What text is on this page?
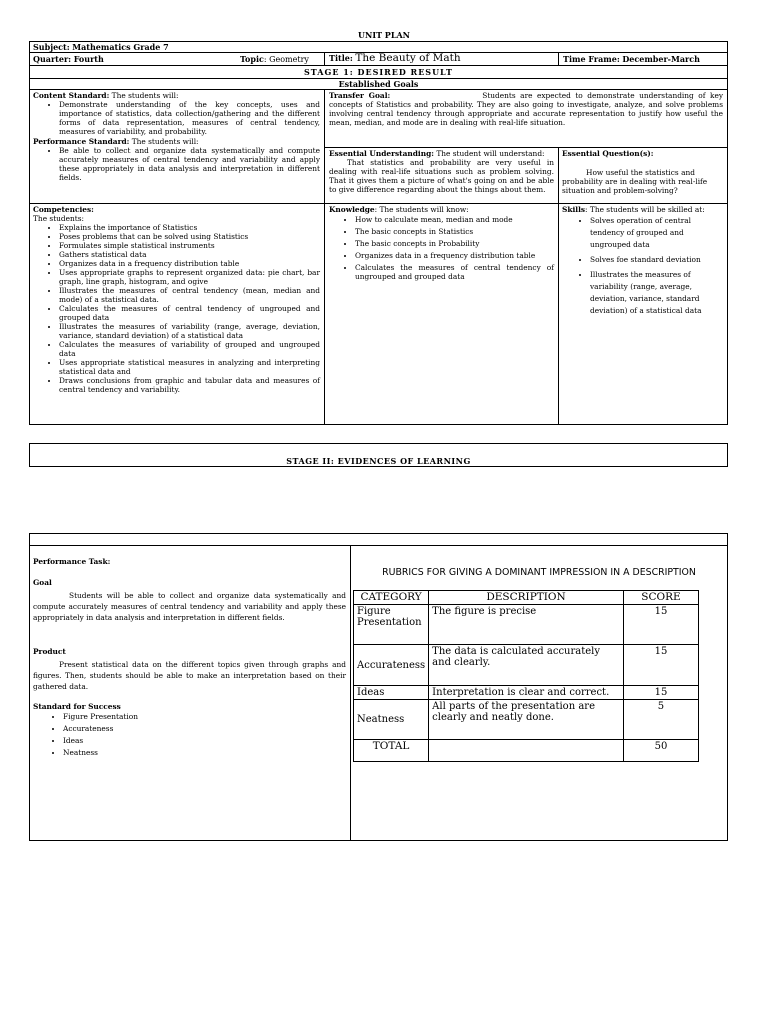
UNIT PLAN
Subject: Mathematics Grade 7
Quarter: Fourth	Topic: Geometry	Title: The Beauty of Math	Time Frame: December-March
STAGE 1: DESIRED RESULT
Established Goals
Content Standard: The students will:
• Demonstrate understanding of the key concepts, uses and importance of statistics, data collection/gathering and the different forms of data representation, measures of central tendency, measures of variability, and probability.
Performance Standard: The students will:
• Be able to collect and organize data systematically and compute accurately measures of central tendency and variability and apply these appropriately in data analysis and interpretation in different fields.
Transfer Goal:	Students are expected to demonstrate understanding of key concepts of Statistics and probability. They are also going to investigate, analyze, and solve problems involving central tendency through appropriate and accurate representation to justify how useful the mean, median, and mode are in dealing with real-life situation.
Essential Understanding: The student will understand:
That statistics and probability are very useful in dealing with real-life situations such as problem solving. That it gives them a picture of what's going on and be able to give difference regarding about the things about them.
Essential Question(s):
How useful the statistics and probability are in dealing with real-life situation and problem-solving?
Competencies:
The students:
• Explains the importance of Statistics
• Poses problems that can be solved using Statistics
• Formulates simple statistical instruments
• Gathers statistical data
• Organizes data in a frequency distribution table
• Uses appropriate graphs to represent organized data: pie chart, bar graph, line graph, histogram, and ogive
• Illustrates the measures of central tendency (mean, median and mode) of a statistical data.
• Calculates the measures of central tendency of ungrouped and grouped data
• Illustrates the measures of variability (range, average, deviation, variance, standard deviation) of a statistical data
• Calculates the measures of variability of grouped and ungrouped data
• Uses appropriate statistical measures in analyzing and interpreting statistical data and
• Draws conclusions from graphic and tabular data and measures of central tendency and variability.
Knowledge: The students will know:
• How to calculate mean, median and mode
• The basic concepts in Statistics
• The basic concepts in Probability
• Organizes data in a frequency distribution table
• Calculates the measures of central tendency of ungrouped and grouped data
Skills: The students will be skilled at:
• Solves operation of central tendency of grouped and ungrouped data
• Solves foe standard deviation
• Illustrates the measures of variability (range, average, deviation, variance, standard deviation) of a statistical data
STAGE II: EVIDENCES OF LEARNING
Performance Task:
Goal
Students will be able to collect and organize data systematically and compute accurately measures of central tendency and variability and apply these appropriately in data analysis and interpretation in different fields.
Product
Present statistical data on the different topics given through graphs and figures. Then, students should be able to make an interpretation based on their gathered data.
Standard for Success
• Figure Presentation
• Accurateness
• Ideas
• Neatness
RUBRICS FOR GIVING A DOMINANT IMPRESSION IN A DESCRIPTION
CATEGORY	DESCRIPTION	SCORE
Figure Presentation	The figure is precise	15
Accurateness	The data is calculated accurately and clearly.	15
Ideas	Interpretation is clear and correct.	15
Neatness	All parts of the presentation are clearly and neatly done.	5
TOTAL		50
